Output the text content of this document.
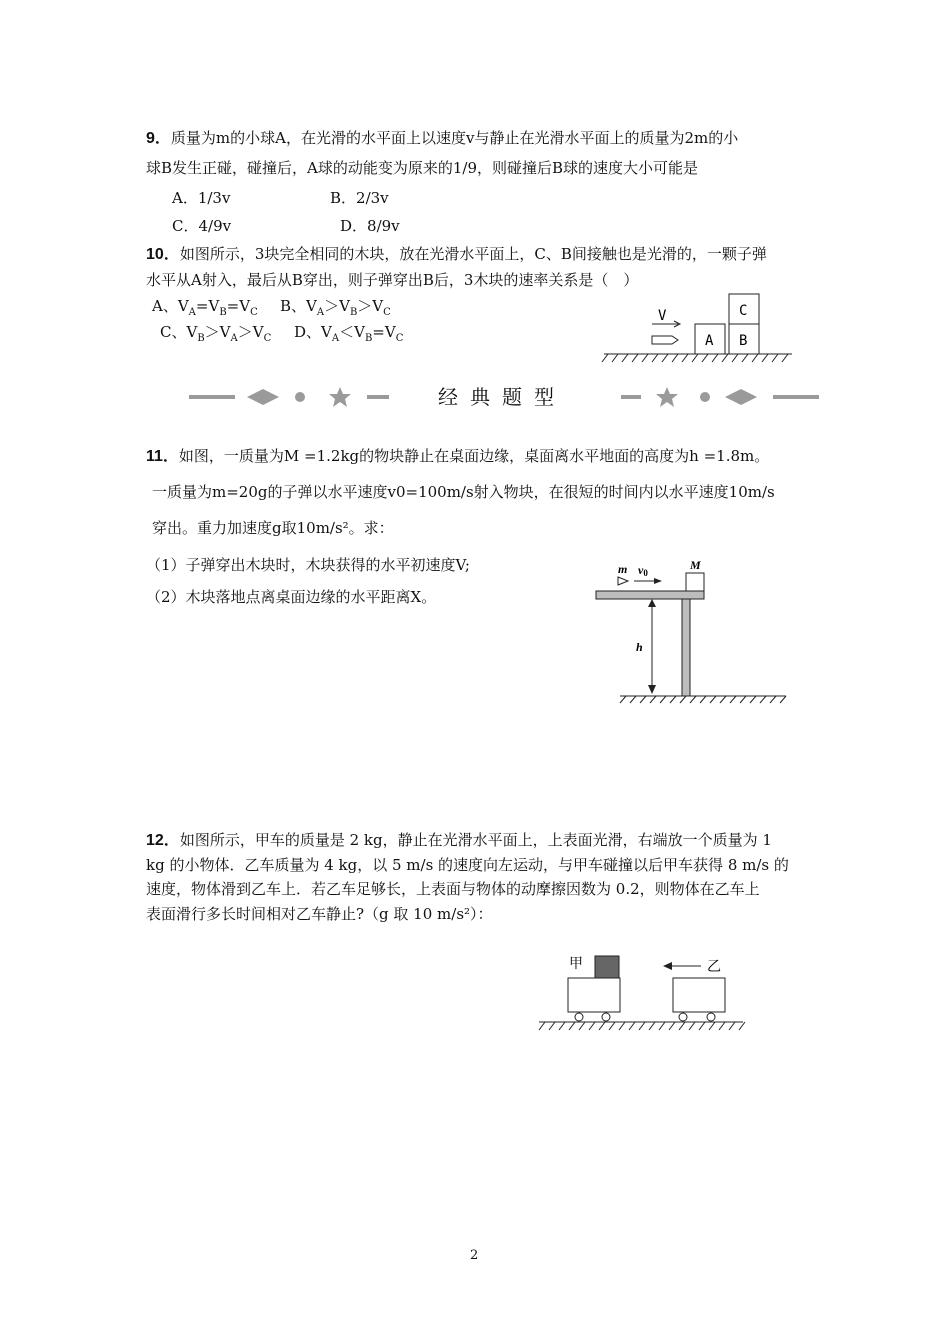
9．质量为m的小球A，在光滑的水平面上以速度v与静止在光滑水平面上的质量为2m的小
球B发生正碰，碰撞后，A球的动能变为原来的1/9，则碰撞后B球的速度大小可能是
A．1/3v	B．2/3v
C．4/9v	D．8/9v
10．如图所示，3块完全相同的木块，放在光滑水平面上，C、B间接触也是光滑的，一颗子弹
水平从A射入，最后从B穿出，则子弹穿出B后，3木块的速率关系是（　）
A、$V_A=V_B=V_C$ B、$V_A>V_B>V_C$
C、$V_B>V_A>V_C$ D、$V_A<V_B=V_C$
V
A B
C
经典题型
11．如图，一质量为M =1.2kg的物块静止在桌面边缘，桌面离水平地面的高度为h =1.8m。
一质量为m=20g的子弹以水平速度v0=100m/s射入物块，在很短的时间内以水平速度10m/s
穿出。重力加速度g取10m/s²。求：
（1）子弹穿出木块时，木块获得的水平初速度V;
（2）木块落地点离桌面边缘的水平距离X。
m v0
M
h
12．如图所示，甲车的质量是 2 kg，静止在光滑水平面上，上表面光滑，右端放一个质量为 1
kg 的小物体．乙车质量为 4 kg，以 5 m/s 的速度向左运动，与甲车碰撞以后甲车获得 8 m/s 的
速度，物体滑到乙车上．若乙车足够长，上表面与物体的动摩擦因数为 0.2，则物体在乙车上
表面滑行多长时间相对乙车静止?（g 取 10 m/s²）：
甲	乙
2
